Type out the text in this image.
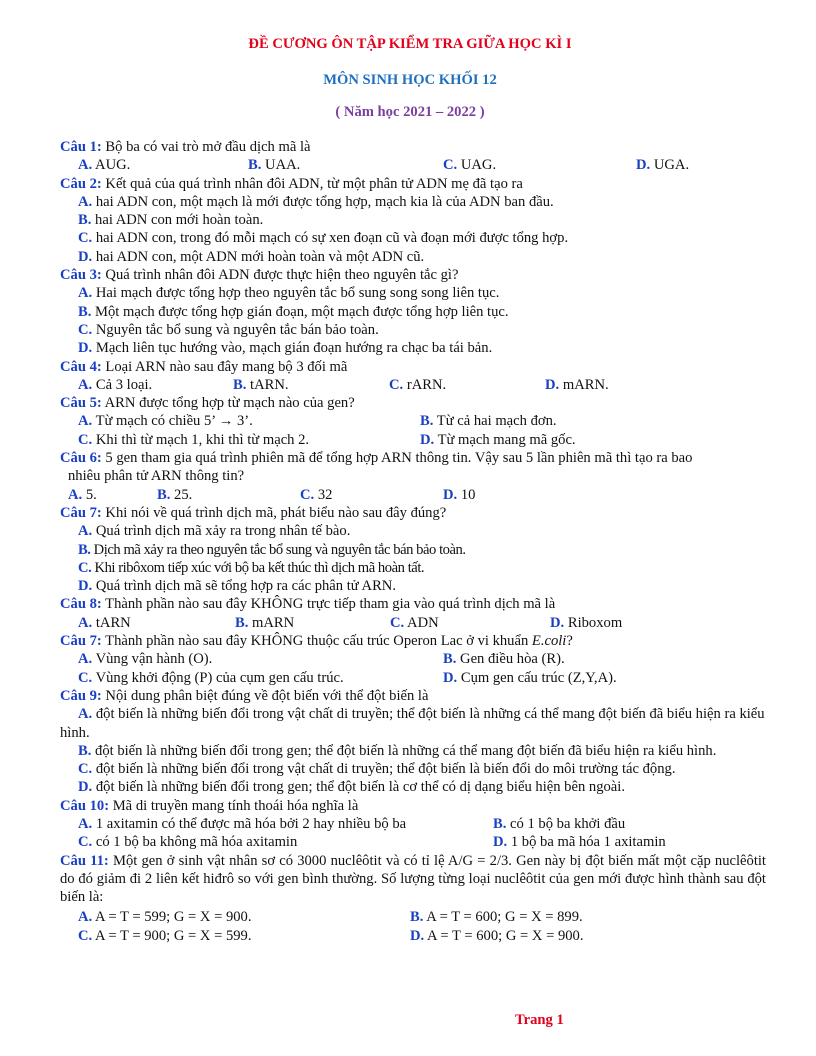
ĐỀ CƯƠNG ÔN TẬP KIỂM TRA GIỮA HỌC KÌ I
MÔN SINH HỌC KHỐI 12
( Năm học 2021 – 2022 )
Câu 1: Bộ ba có vai trò mở đầu dịch mã là
A. AUG.	B. UAA.	C. UAG.	D. UGA.
Câu 2: Kết quả của quá trình nhân đôi ADN, từ một phân tử ADN mẹ đã tạo ra
A. hai ADN con, một mạch là mới được tổng hợp, mạch kia là của ADN ban đầu.
B. hai ADN con mới hoàn toàn.
C. hai ADN con, trong đó mỗi mạch có sự xen đoạn cũ và đoạn mới được tổng hợp.
D. hai ADN con, một ADN mới hoàn toàn và một ADN cũ.
Câu 3: Quá trình nhân đôi ADN được thực hiện theo nguyên tắc gì?
A. Hai mạch được tổng hợp theo nguyên tắc bổ sung song song liên tục.
B. Một mạch được tổng hợp gián đoạn, một mạch được tổng hợp liên tục.
C. Nguyên tắc bổ sung và nguyên tắc bán bảo toàn.
D. Mạch liên tục hướng vào, mạch gián đoạn hướng ra chạc ba tái bản.
Câu 4: Loại ARN nào sau đây mang bộ 3 đối mã
A. Cả 3 loại.	B. tARN.	C. rARN.	D. mARN.
Câu 5: ARN được tổng hợp từ mạch nào của gen?
A. Từ mạch có chiều 5’ → 3’.	B. Từ cả hai mạch đơn.
C. Khi thì từ mạch 1, khi thì từ mạch 2.	D. Từ mạch mang mã gốc.
Câu 6: 5 gen tham gia quá trình phiên mã để tổng hợp ARN thông tin. Vậy sau 5 lần phiên mã thì tạo ra bao
nhiêu phân tử ARN thông tin?
A. 5.	B. 25.	C. 32	D. 10
Câu 7: Khi nói về quá trình dịch mã, phát biểu nào sau đây đúng?
A. Quá trình dịch mã xảy ra trong nhân tế bào.
B. Dịch mã xảy ra theo nguyên tắc bổ sung và nguyên tắc bán bảo toàn.
C. Khi ribôxom tiếp xúc với bộ ba kết thúc thì dịch mã hoàn tất.
D. Quá trình dịch mã sẽ tổng hợp ra các phân tử ARN.
Câu 8: Thành phần nào sau đây KHÔNG trực tiếp tham gia vào quá trình dịch mã là
A. tARN	B. mARN	C. ADN	D. Riboxom
Câu 7: Thành phần nào sau đây KHÔNG thuộc cấu trúc Operon Lac ở vi khuẩn E.coli?
A. Vùng vận hành (O).	B. Gen điều hòa (R).
C. Vùng khởi động (P) của cụm gen cấu trúc.	D. Cụm gen cấu trúc (Z,Y,A).
Câu 9: Nội dung phân biệt đúng về đột biến với thể đột biến là
A. đột biến là những biến đổi trong vật chất di truyền; thể đột biến là những cá thể mang đột biến đã biểu hiện ra kiểu hình.
B. đột biến là những biến đổi trong gen; thể đột biến là những cá thể mang đột biến đã biểu hiện ra kiểu hình.
C. đột biến là những biến đổi trong vật chất di truyền; thể đột biến là biến đổi do môi trường tác động.
D. đột biến là những biến đổi trong gen; thể đột biến là cơ thể có dị dạng biểu hiện bên ngoài.
Câu 10: Mã di truyền mang tính thoái hóa nghĩa là
A. 1 axitamin có thể được mã hóa bởi 2 hay nhiều bộ ba	B. có 1 bộ ba khởi đầu
C. có 1 bộ ba không mã hóa axitamin	D. 1 bộ ba mã hóa 1 axitamin
Câu 11: Một gen ở sinh vật nhân sơ có 3000 nuclêôtit và có tỉ lệ A/G = 2/3. Gen này bị đột biến mất một cặp nuclêôtit do đó giảm đi 2 liên kết hiđrô so với gen bình thường. Số lượng từng loại nuclêôtit của gen mới được hình thành sau đột biến là:
A. A = T = 599; G = X = 900.	B. A = T = 600; G = X = 899.
C. A = T = 900; G = X = 599.	D. A = T = 600; G = X = 900.
Trang 1
